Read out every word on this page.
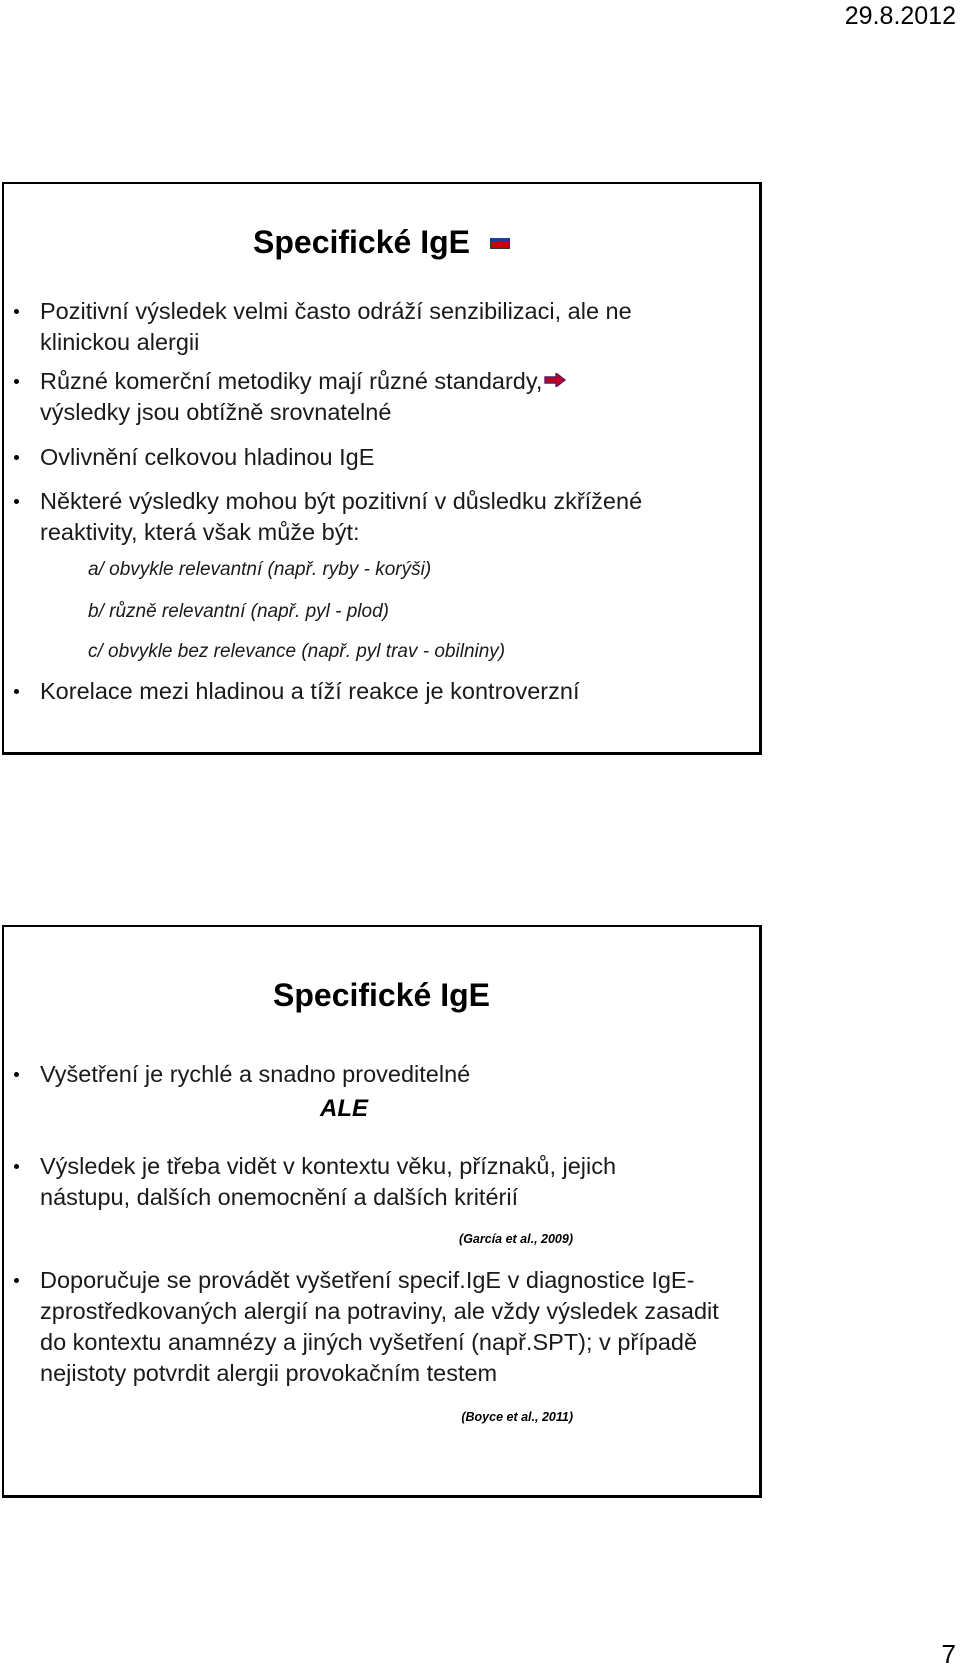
29.8.2012
Specifické IgE
Pozitivní výsledek velmi často odráží senzibilizaci, ale ne klinickou alergii
Různé komerční metodiky mají různé standardy,

výsledky jsou obtížně srovnatelné
Ovlivnění celkovou hladinou IgE
Některé výsledky mohou být pozitivní v důsledku zkřížené reaktivity, která však může být:
a/ obvykle relevantní (např. ryby - korýši)
b/ různě relevantní (např. pyl - plod)
c/ obvykle bez relevance (např. pyl trav - obilniny)
Korelace mezi hladinou a tíží reakce je kontroverzní
Specifické IgE
Vyšetření je rychlé a snadno proveditelné
ALE
Výsledek je třeba vidět v kontextu věku, příznaků, jejich nástupu, dalších onemocnění a dalších kritérií
(García et al., 2009)
Doporučuje se provádět vyšetření specif.IgE v diagnostice IgE-zprostředkovaných alergií na potraviny, ale vždy výsledek zasadit do kontextu anamnézy a jiných vyšetření (např.SPT); v případě nejistoty potvrdit alergii provokačním testem
(Boyce et al., 2011)
7
